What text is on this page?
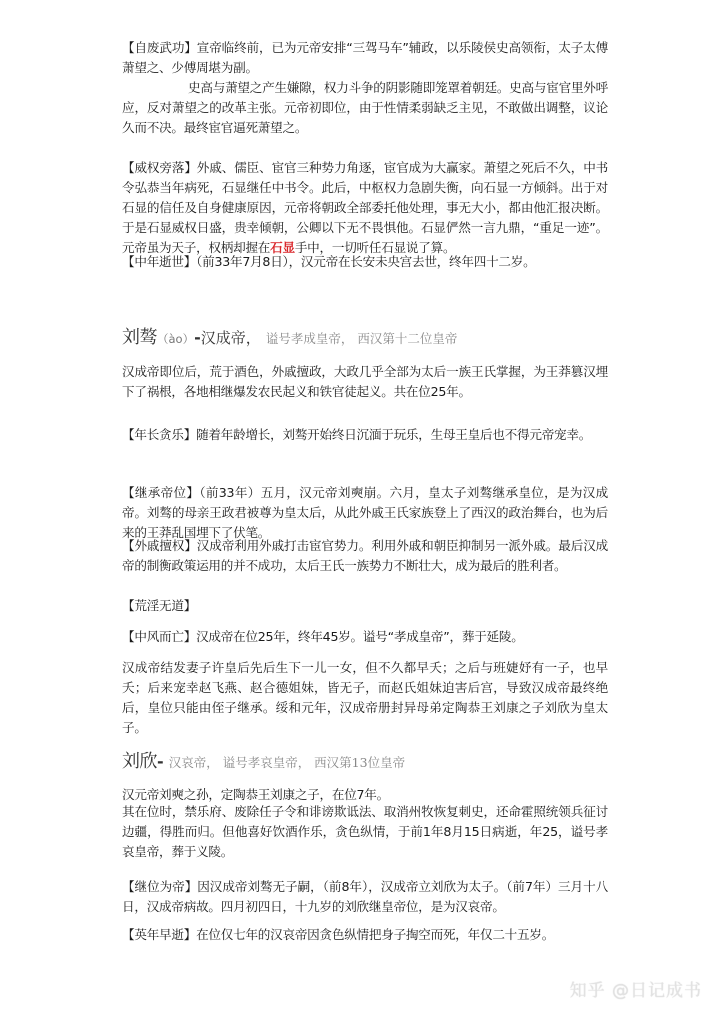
【自废武功】宣帝临终前，已为元帝安排“三驾马车”辅政，以乐陵侯史高领衔，太子太傅萧望之、少傅周堪为副。

史高与萧望之产生嫌隙，权力斗争的阴影随即笼罩着朝廷。史高与宦官里外呼应，反对萧望之的改革主张。元帝初即位，由于性情柔弱缺乏主见，不敢做出调整，议论久而不决。最终宦官逼死萧望之。

【威权旁落】外戚、儒臣、宦官三种势力角逐，宦官成为大赢家。萧望之死后不久，中书令弘恭当年病死，石显继任中书令。此后，中枢权力急剧失衡，向石显一方倾斜。出于对石显的信任及自身健康原因，元帝将朝政全部委托他处理，事无大小，都由他汇报决断。于是石显威权日盛，贵幸倾朝，公卿以下无不畏惧他。石显俨然一言九鼎，“重足一迹”。元帝虽为天子，权柄却握在石显手中，一切听任石显说了算。

【中年逝世】（前33年7月8日），汉元帝在长安未央宫去世，终年四十二岁。

刘骜（ào）-汉成帝， 谥号孝成皇帝， 西汉第十二位皇帝

汉成帝即位后，荒于酒色，外戚擅政，大政几乎全部为太后一族王氏掌握，为王莽篡汉埋下了祸根，各地相继爆发农民起义和铁官徒起义。共在位25年。

【年长贪乐】随着年龄增长，刘骜开始终日沉湎于玩乐，生母王皇后也不得元帝宠幸。

【继承帝位】（前33年）五月，汉元帝刘奭崩。六月，皇太子刘骜继承皇位，是为汉成帝。刘骜的母亲王政君被尊为皇太后，从此外戚王氏家族登上了西汉的政治舞台，也为后来的王莽乱国埋下了伏笔。

【外戚擅权】汉成帝利用外戚打击宦官势力。利用外戚和朝臣抑制另一派外戚。最后汉成帝的制衡政策运用的并不成功，太后王氏一族势力不断壮大，成为最后的胜利者。

【荒淫无道】

【中风而亡】汉成帝在位25年，终年45岁。谥号“孝成皇帝”，葬于延陵。

汉成帝结发妻子许皇后先后生下一儿一女，但不久都早夭；之后与班婕妤有一子，也早夭；后来宠幸赵飞燕、赵合德姐妹，皆无子，而赵氏姐妹迫害后宫，导致汉成帝最终绝后，皇位只能由侄子继承。绥和元年，汉成帝册封异母弟定陶恭王刘康之子刘欣为皇太子。

刘欣- 汉哀帝， 谥号孝哀皇帝， 西汉第13位皇帝

汉元帝刘奭之孙，定陶恭王刘康之子，在位7年。

其在位时，禁乐府、废除任子令和诽谤欺诋法、取消州牧恢复刺史，还命霍照统领兵征讨边疆，得胜而归。但他喜好饮酒作乐，贪色纵情，于前1年8月15日病逝，年25，谥号孝哀皇帝，葬于义陵。

【继位为帝】因汉成帝刘骜无子嗣，（前8年），汉成帝立刘欣为太子。（前7年）三月十八日，汉成帝病故。四月初四日，十九岁的刘欣继皇帝位，是为汉哀帝。

【英年早逝】在位仅七年的汉哀帝因贪色纵情把身子掏空而死，年仅二十五岁。

知乎 @日记成书
